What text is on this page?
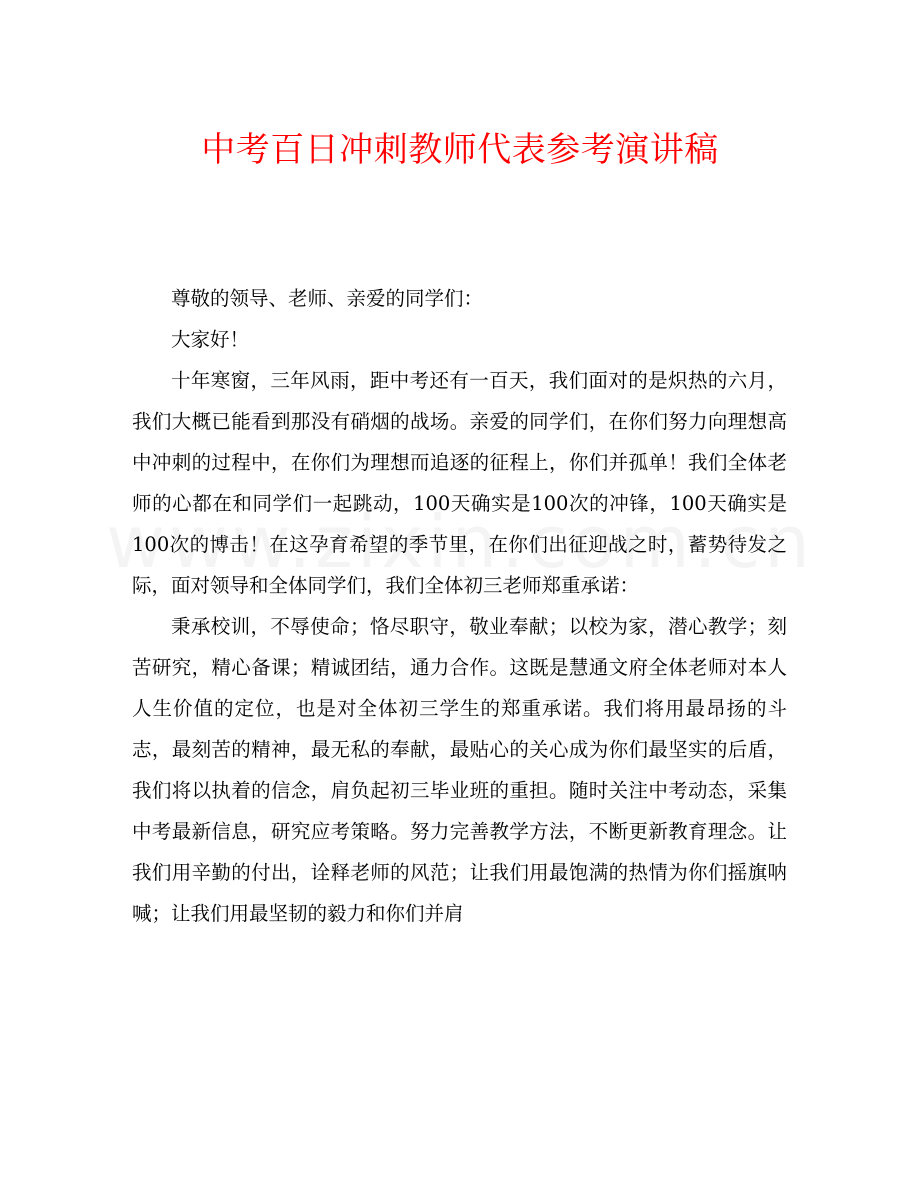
中考百日冲刺教师代表参考演讲稿

尊敬的领导、老师、亲爱的同学们：

大家好！

十年寒窗，三年风雨，距中考还有一百天，我们面对的是炽热的六月，我们大概已能看到那没有硝烟的战场。亲爱的同学们，在你们努力向理想高中冲刺的过程中，在你们为理想而追逐的征程上，你们并孤单！我们全体老师的心都在和同学们一起跳动，100天确实是100次的冲锋，100天确实是100次的博击！在这孕育希望的季节里，在你们出征迎战之时，蓄势待发之际，面对领导和全体同学们，我们全体初三老师郑重承诺：

秉承校训，不辱使命；恪尽职守，敬业奉献；以校为家，潜心教学；刻苦研究，精心备课；精诚团结，通力合作。这既是慧通文府全体老师对本人人生价值的定位，也是对全体初三学生的郑重承诺。我们将用最昂扬的斗志，最刻苦的精神，最无私的奉献，最贴心的关心成为你们最坚实的后盾，我们将以执着的信念，肩负起初三毕业班的重担。随时关注中考动态，采集中考最新信息，研究应考策略。努力完善教学方法，不断更新教育理念。让我们用辛勤的付出，诠释老师的风范；让我们用最饱满的热情为你们摇旗呐喊；让我们用最坚韧的毅力和你们并肩
